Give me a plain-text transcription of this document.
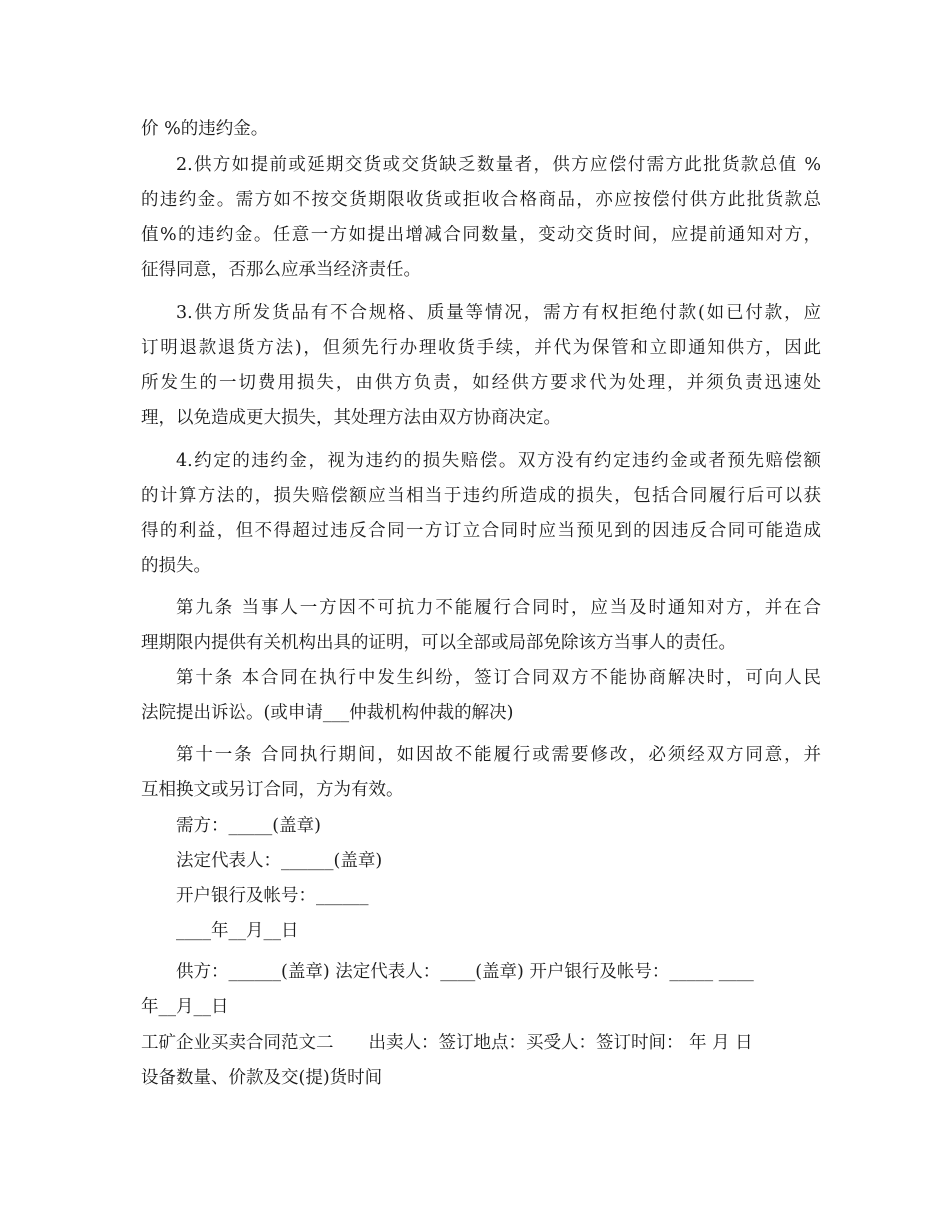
价 %的违约金。
2.供方如提前或延期交货或交货缺乏数量者，供方应偿付需方此批货款总值 %
的违约金。需方如不按交货期限收货或拒收合格商品，亦应按偿付供方此批货款总
值%的违约金。任意一方如提出增减合同数量，变动交货时间，应提前通知对方，
征得同意，否那么应承当经济责任。
3.供方所发货品有不合规格、质量等情况，需方有权拒绝付款(如已付款，应
订明退款退货方法)，但须先行办理收货手续，并代为保管和立即通知供方，因此
所发生的一切费用损失，由供方负责，如经供方要求代为处理，并须负责迅速处
理，以免造成更大损失，其处理方法由双方协商决定。
4.约定的违约金，视为违约的损失赔偿。双方没有约定违约金或者预先赔偿额
的计算方法的，损失赔偿额应当相当于违约所造成的损失，包括合同履行后可以获
得的利益，但不得超过违反合同一方订立合同时应当预见到的因违反合同可能造成
的损失。
第九条 当事人一方因不可抗力不能履行合同时，应当及时通知对方，并在合
理期限内提供有关机构出具的证明，可以全部或局部免除该方当事人的责任。
第十条 本合同在执行中发生纠纷，签订合同双方不能协商解决时，可向人民
法院提出诉讼。(或申请___仲裁机构仲裁的解决)
第十一条 合同执行期间，如因故不能履行或需要修改，必须经双方同意，并
互相换文或另订合同，方为有效。
需方：_____(盖章)
法定代表人：______(盖章)
开户银行及帐号：______
____年__月__日
供方：______(盖章) 法定代表人：____(盖章) 开户银行及帐号：_____ ____
年__月__日
工矿企业买卖合同范文二　　出卖人：签订地点：买受人：签订时间： 年 月 日
设备数量、价款及交(提)货时间
